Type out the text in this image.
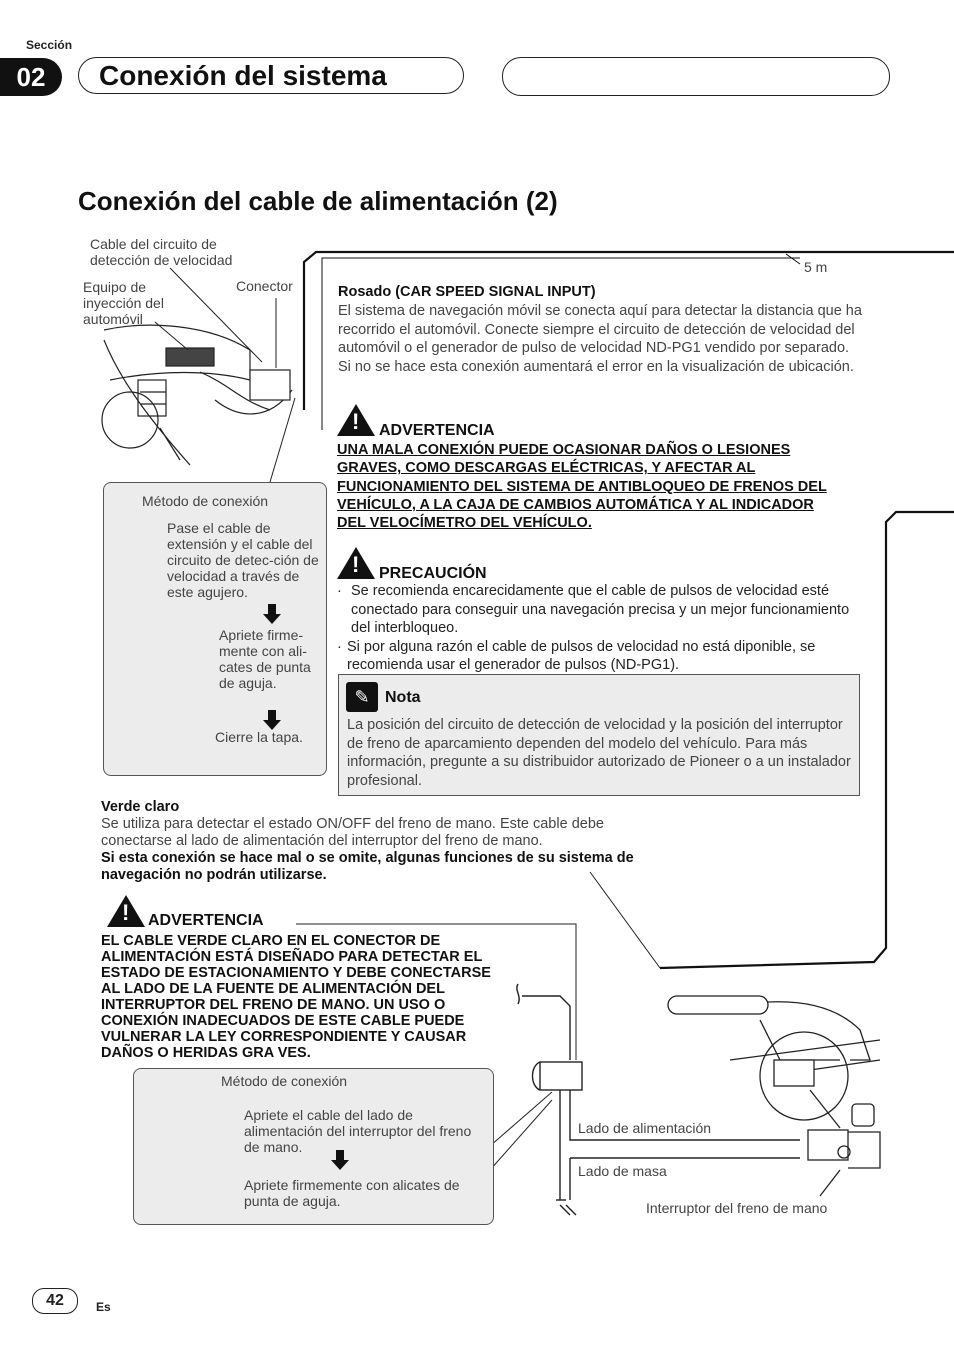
Sección
02	Conexión del sistema
Conexión del cable de alimentación (2)
Cable del circuito de detección de velocidad
Equipo de inyección del automóvil
Conector
5 m
Método de conexión
Pase el cable de extensión y el cable del circuito de detec-ción de velocidad a través de este agujero.
Apriete firme-mente con ali-cates de punta de aguja.
Cierre la tapa.
Rosado (CAR SPEED SIGNAL INPUT)
El sistema de navegación móvil se conecta aquí para detectar la distancia que ha recorrido el automóvil. Conecte siempre el circuito de detección de velocidad del automóvil o el generador de pulso de velocidad ND-PG1 vendido por separado. Si no se hace esta conexión aumentará el error en la visualización de ubicación.
!
ADVERTENCIA
UNA MALA CONEXIÓN PUEDE OCASIONAR DAÑOS O LESIONES
GRAVES, COMO DESCARGAS ELÉCTRICAS, Y AFECTAR AL
FUNCIONAMIENTO DEL SISTEMA DE ANTIBLOQUEO DE FRENOS DEL
VEHÍCULO, A LA CAJA DE CAMBIOS AUTOMÁTICA Y AL INDICADOR
DEL VELOCÍMETRO DEL VEHÍCULO.
!
PRECAUCIÓN
· Se recomienda encarecidamente que el cable de pulsos de velocidad esté conectado para conseguir una navegación precisa y un mejor funcionamiento del interbloqueo.
· Si por alguna razón el cable de pulsos de velocidad no está diponible, se recomienda usar el generador de pulsos (ND-PG1).
✎ Nota
La posición del circuito de detección de velocidad y la posición del interruptor de freno de aparcamiento dependen del modelo del vehículo. Para más información, pregunte a su distribuidor autorizado de Pioneer o a un instalador profesional.
Verde claro
Se utiliza para detectar el estado ON/OFF del freno de mano. Este cable debe conectarse al lado de alimentación del interruptor del freno de mano.
Si esta conexión se hace mal o se omite, algunas funciones de su sistema de navegación no podrán utilizarse.
!
ADVERTENCIA
EL CABLE VERDE CLARO EN EL CONECTOR DE
ALIMENTACIÓN ESTÁ DISEÑADO PARA DETECTAR EL
ESTADO DE ESTACIONAMIENTO Y DEBE CONECTARSE
AL LADO DE LA FUENTE DE ALIMENTACIÓN DEL
INTERRUPTOR DEL FRENO DE MANO. UN USO O
CONEXIÓN INADECUADOS DE ESTE CABLE PUEDE
VULNERAR LA LEY CORRESPONDIENTE Y CAUSAR
DAÑOS O HERIDAS GRA VES.
Método de conexión
Apriete el cable del lado de alimentación del interruptor del freno de mano.
Apriete firmemente con alicates de punta de aguja.
Lado de alimentación
Lado de masa
Interruptor del freno de mano
42	Es
